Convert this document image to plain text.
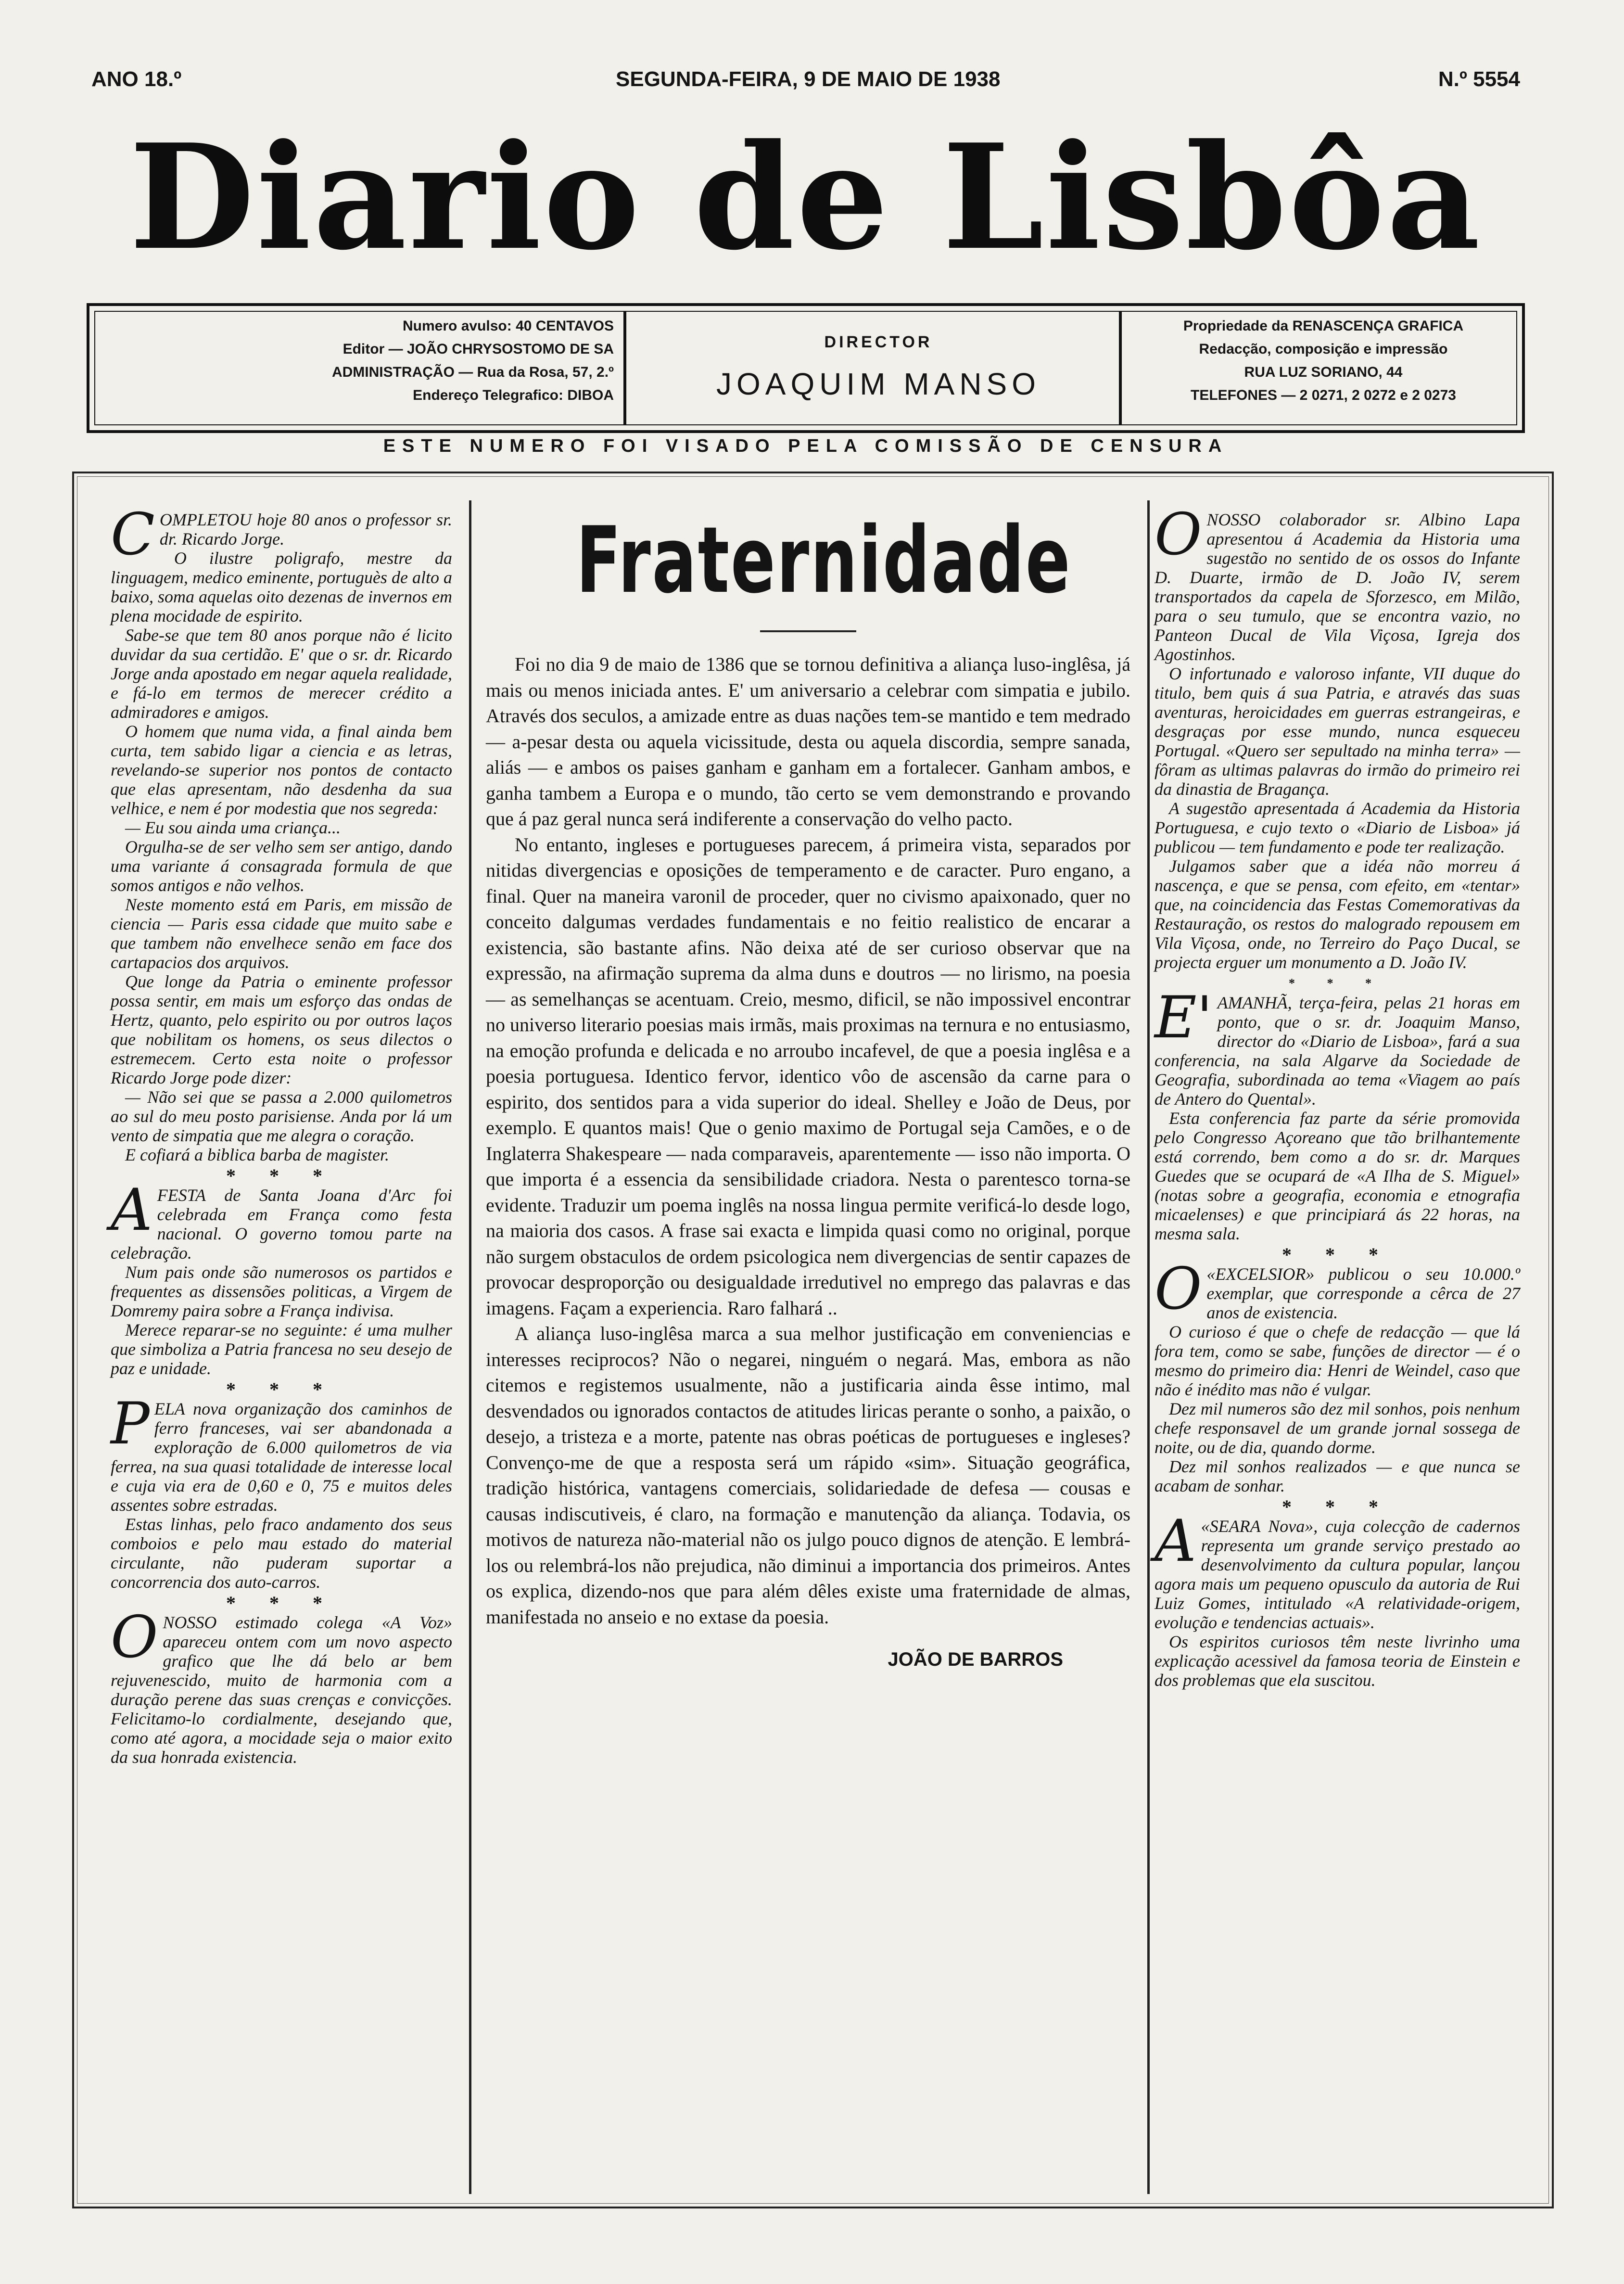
ANO 18.º	SEGUNDA-FEIRA, 9 DE MAIO DE 1938	N.º 5554
Diario de Lisbôa
Numero avulso: 40 CENTAVOS
Editor — JOÃO CHRYSOSTOMO DE SA
ADMINISTRAÇÃO — Rua da Rosa, 57, 2.º
Endereço Telegrafico: DIBOA
DIRECTOR
JOAQUIM MANSO
Propriedade da RENASCENÇA GRAFICA
Redacção, composição e impressão
RUA LUZ SORIANO, 44
TELEFONES — 2 0271, 2 0272 e 2 0273
ESTE NUMERO FOI VISADO PELA COMISSÃO DE CENSURA
C OMPLETOU hoje 80 anos o professor sr. dr. Ricardo Jorge.

O ilustre poligrafo, mestre da linguagem, medico eminente, portuguès de alto a baixo, soma aquelas oito dezenas de invernos em plena mocidade de espirito.

Sabe-se que tem 80 anos porque não é licito duvidar da sua certidão. E' que o sr. dr. Ricardo Jorge anda apostado em negar aquela realidade, e fá-lo em termos de merecer crédito a admiradores e amigos.

O homem que numa vida, a final ainda bem curta, tem sabido ligar a ciencia e as letras, revelando-se superior nos pontos de contacto que elas apresentam, não desdenha da sua velhice, e nem é por modestia que nos segreda:

— Eu sou ainda uma criança...

Orgulha-se de ser velho sem ser antigo, dando uma variante á consagrada formula de que somos antigos e não velhos.

Neste momento está em Paris, em missão de ciencia — Paris essa cidade que muito sabe e que tambem não envelhece senão em face dos cartapacios dos arquivos.

Que longe da Patria o eminente professor possa sentir, em mais um esforço das ondas de Hertz, quanto, pelo espirito ou por outros laços que nobilitam os homens, os seus dilectos o estremecem. Certo esta noite o professor Ricardo Jorge pode dizer:

— Não sei que se passa a 2.000 quilometros ao sul do meu posto parisiense. Anda por lá um vento de simpatia que me alegra o coração.

E cofiará a biblica barba de magister.

* * *

A FESTA de Santa Joana d'Arc foi celebrada em França como festa nacional. O governo tomou parte na celebração.

Num pais onde são numerosos os partidos e frequentes as dissensões politicas, a Virgem de Domremy paira sobre a França indivisa.

Merece reparar-se no seguinte: é uma mulher que simboliza a Patria francesa no seu desejo de paz e unidade.

* * *

P ELA nova organização dos caminhos de ferro franceses, vai ser abandonada a exploração de 6.000 quilometros de via ferrea, na sua quasi totalidade de interesse local e cuja via era de 0,60 e 0, 75 e muitos deles assentes sobre estradas.

Estas linhas, pelo fraco andamento dos seus comboios e pelo mau estado do material circulante, não puderam suportar a concorrencia dos auto-carros.

* * *

O NOSSO estimado colega «A Voz» apareceu ontem com um novo aspecto grafico que lhe dá belo ar bem rejuvenescido, muito de harmonia com a duração perene das suas crenças e convicções. Felicitamo-lo cordialmente, desejando que, como até agora, a mocidade seja o maior exito da sua honrada existencia.

Fraternidade

Foi no dia 9 de maio de 1386 que se tornou definitiva a aliança luso-inglêsa, já mais ou menos iniciada antes. E' um aniversario a celebrar com simpatia e jubilo. Através dos seculos, a amizade entre as duas nações tem-se mantido e tem medrado — a-pesar desta ou aquela vicissitude, desta ou aquela discordia, sempre sanada, aliás — e ambos os paises ganham e ganham em a fortalecer. Ganham ambos, e ganha tambem a Europa e o mundo, tão certo se vem demonstrando e provando que á paz geral nunca será indiferente a conservação do velho pacto.

No entanto, ingleses e portugueses parecem, á primeira vista, separados por nitidas divergencias e oposições de temperamento e de caracter. Puro engano, a final. Quer na maneira varonil de proceder, quer no civismo apaixonado, quer no conceito dalgumas verdades fundamentais e no feitio realistico de encarar a existencia, são bastante afins. Não deixa até de ser curioso observar que na expressão, na afirmação suprema da alma duns e doutros — no lirismo, na poesia — as semelhanças se acentuam. Creio, mesmo, dificil, se não impossivel encontrar no universo literario poesias mais irmãs, mais proximas na ternura e no entusiasmo, na emoção profunda e delicada e no arroubo incafevel, de que a poesia inglêsa e a poesia portuguesa. Identico fervor, identico vôo de ascensão da carne para o espirito, dos sentidos para a vida superior do ideal. Shelley e João de Deus, por exemplo. E quantos mais! Que o genio maximo de Portugal seja Camões, e o de Inglaterra Shakespeare — nada comparaveis, aparentemente — isso não importa. O que importa é a essencia da sensibilidade criadora. Nesta o parentesco torna-se evidente. Traduzir um poema inglês na nossa lingua permite verificá-lo desde logo, na maioria dos casos. A frase sai exacta e limpida quasi como no original, porque não surgem obstaculos de ordem psicologica nem divergencias de sentir capazes de provocar desproporção ou desigualdade irredutivel no emprego das palavras e das imagens. Façam a experiencia. Raro falhará ..

A aliança luso-inglêsa marca a sua melhor justificação em conveniencias e interesses reciprocos? Não o negarei, ninguém o negará. Mas, embora as não citemos e registemos usualmente, não a justificaria ainda êsse intimo, mal desvendados ou ignorados contactos de atitudes liricas perante o sonho, a paixão, o desejo, a tristeza e a morte, patente nas obras poéticas de portugueses e ingleses? Convenço-me de que a resposta será um rápido «sim». Situação geográfica, tradição histórica, vantagens comerciais, solidariedade de defesa — cousas e causas indiscutiveis, é claro, na formação e manutenção da aliança. Todavia, os motivos de natureza não-material não os julgo pouco dignos de atenção. E lembrá-los ou relembrá-los não prejudica, não diminui a importancia dos primeiros. Antes os explica, dizendo-nos que para além dêles existe uma fraternidade de almas, manifestada no anseio e no extase da poesia.

JOÃO DE BARROS
O NOSSO colaborador sr. Albino Lapa apresentou á Academia da Historia uma sugestão no sentido de os ossos do Infante D. Duarte, irmão de D. João IV, serem transportados da capela de Sforzesco, em Milão, para o seu tumulo, que se encontra vazio, no Panteon Ducal de Vila Viçosa, Igreja dos Agostinhos.

O infortunado e valoroso infante, VII duque do titulo, bem quis á sua Patria, e através das suas aventuras, heroicidades em guerras estrangeiras, e desgraças por esse mundo, nunca esqueceu Portugal. «Quero ser sepultado na minha terra» — fôram as ultimas palavras do irmão do primeiro rei da dinastia de Bragança.

A sugestão apresentada á Academia da Historia Portuguesa, e cujo texto o «Diario de Lisboa» já publicou — tem fundamento e pode ter realização.

Julgamos saber que a idéa não morreu á nascença, e que se pensa, com efeito, em «tentar» que, na coincidencia das Festas Comemorativas da Restauração, os restos do malogrado repousem em Vila Viçosa, onde, no Terreiro do Paço Ducal, se projecta erguer um monumento a D. João IV.

* * *

E' AMANHÃ, terça-feira, pelas 21 horas em ponto, que o sr. dr. Joaquim Manso, director do «Diario de Lisboa», fará a sua conferencia, na sala Algarve da Sociedade de Geografia, subordinada ao tema «Viagem ao país de Antero do Quental».

Esta conferencia faz parte da série promovida pelo Congresso Açoreano que tão brilhantemente está correndo, bem como a do sr. dr. Marques Guedes que se ocupará de «A Ilha de S. Miguel» (notas sobre a geografia, economia e etnografia micaelenses) e que principiará ás 22 horas, na mesma sala.

* * *

O «EXCELSIOR» publicou o seu 10.000.º exemplar, que corresponde a cêrca de 27 anos de existencia.

O curioso é que o chefe de redacção — que lá fora tem, como se sabe, funções de director — é o mesmo do primeiro dia: Henri de Weindel, caso que não é inédito mas não é vulgar.

Dez mil numeros são dez mil sonhos, pois nenhum chefe responsavel de um grande jornal sossega de noite, ou de dia, quando dorme.

Dez mil sonhos realizados — e que nunca se acabam de sonhar.

* * *

A «SEARA Nova», cuja colecção de cadernos representa um grande serviço prestado ao desenvolvimento da cultura popular, lançou agora mais um pequeno opusculo da autoria de Rui Luiz Gomes, intitulado «A relatividade-origem, evolução e tendencias actuais».

Os espiritos curiosos têm neste livrinho uma explicação acessivel da famosa teoria de Einstein e dos problemas que ela suscitou.
